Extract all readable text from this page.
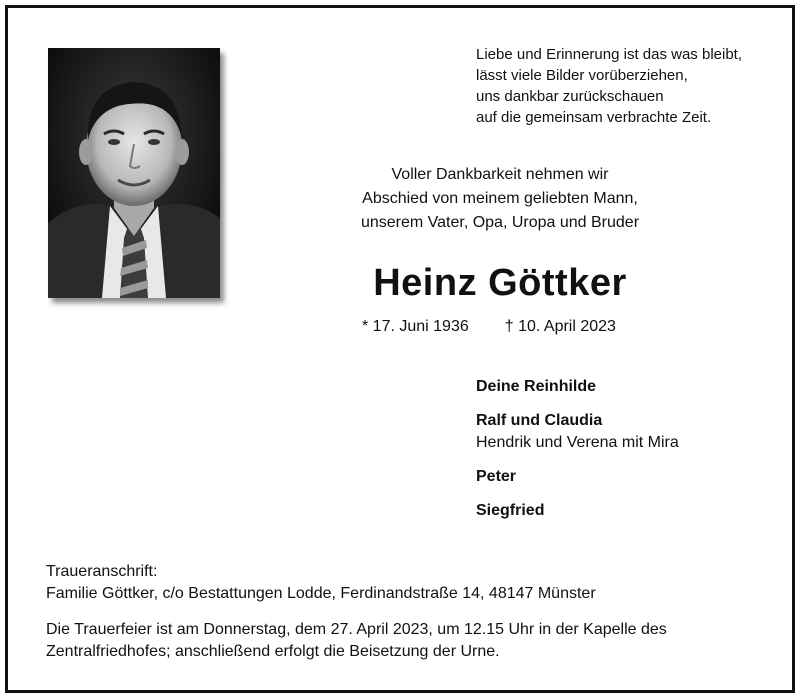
Liebe und Erinnerung ist das was bleibt,
lässt viele Bilder vorüberziehen,
uns dankbar zurückschauen
auf die gemeinsam verbrachte Zeit.
Voller Dankbarkeit nehmen wir
Abschied von meinem geliebten Mann,
unserem Vater, Opa, Uropa und Bruder
Heinz Göttker
* 17. Juni 1936 † 10. April 2023
Deine Reinhilde
Ralf und Claudia
Hendrik und Verena mit Mira
Peter
Siegfried
Traueranschrift:
Familie Göttker, c/o Bestattungen Lodde, Ferdinandstraße 14, 48147 Münster
Die Trauerfeier ist am Donnerstag, dem 27. April 2023, um 12.15 Uhr in der Kapelle des
Zentralfriedhofes; anschließend erfolgt die Beisetzung der Urne.
